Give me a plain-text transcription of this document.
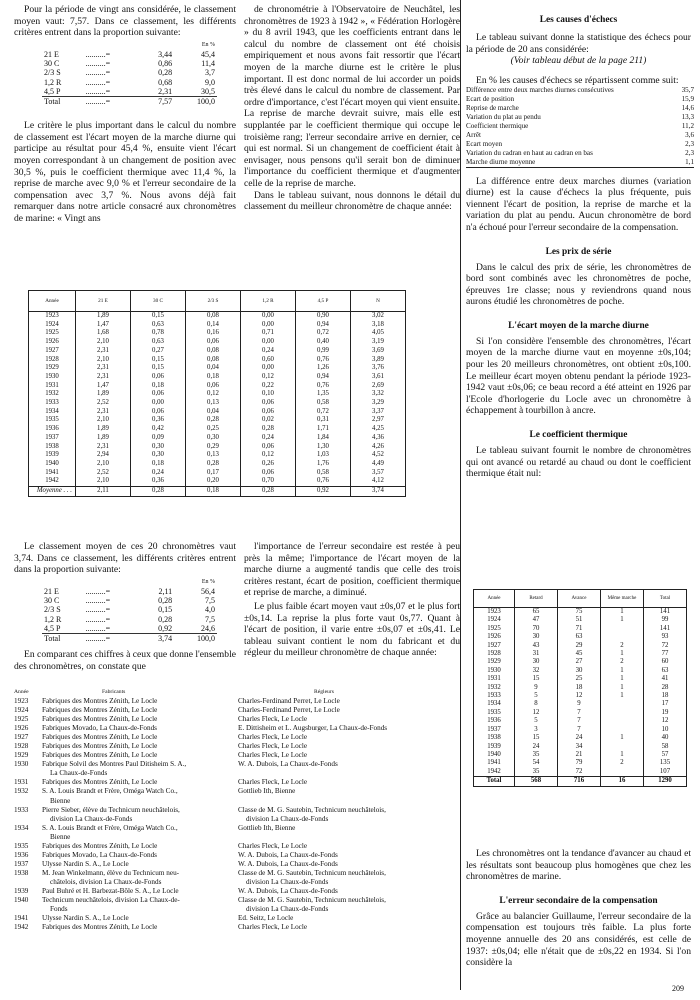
Pour la période de vingt ans considérée, le classement moyen vaut: 7,57. Dans ce classement, les différents critères entrent dans la proportion suivante:

			En %
21 E	..........=	3,44	45,4
30 C	..........=	0,86	11,4
2/3 S	..........=	0,28	3,7
1,2 R	..........=	0,68	9,0
4,5 P	..........=	2,31	30,5
Total	..........=	7,57	100,0

Le critère le plus important dans le calcul du nombre de classement est l'écart moyen de la marche diurne qui participe au résultat pour 45,4 %, ensuite vient l'écart moyen correspondant à un changement de position avec 30,5 %, puis le coefficient thermique avec 11,4 %, la reprise de marche avec 9,0 % et l'erreur secondaire de la compensation avec 3,7 %. Nous avons déjà fait remarquer dans notre article consacré aux chronomètres de marine: « Vingt ans

de chronométrie à l'Observatoire de Neuchâtel, les chronomètres de 1923 à 1942 », « Fédération Horlogère » du 8 avril 1943, que les coefficients entrant dans le calcul du nombre de classement ont été choisis empiriquement et nous avons fait ressortir que l'écart moyen de la marche diurne est le critère le plus important. Il est donc normal de lui accorder un poids très élevé dans le calcul du nombre de classement. Par ordre d'importance, c'est l'écart moyen qui vient ensuite. La reprise de marche devrait suivre, mais elle est supplantée par le coefficient thermique qui occupe le troisième rang; l'erreur secondaire arrive en dernier, ce qui est normal. Si un changement de coefficient était à envisager, nous pensons qu'il serait bon de diminuer l'importance du coefficient thermique et d'augmenter celle de la reprise de marche.

Dans le tableau suivant, nous donnons le détail du classement du meilleur chronomètre de chaque année:

Année	21 E	30 C	2/3 S	1,2 R	4,5 P	N
1923	1,89	0,15	0,08	0,00	0,90	3,02
1924	1,47	0,63	0,14	0,00	0,94	3,18
1925	1,68	0,78	0,16	0,71	0,72	4,05
1926	2,10	0,63	0,06	0,00	0,40	3,19
1927	2,31	0,27	0,08	0,24	0,99	3,69
1928	2,10	0,15	0,08	0,60	0,76	3,89
1929	2,31	0,15	0,04	0,00	1,26	3,76
1930	2,31	0,06	0,18	0,12	0,94	3,61
1931	1,47	0,18	0,06	0,22	0,76	2,69
1932	1,89	0,06	0,12	0,10	1,35	3,32
1933	2,52	0,00	0,13	0,06	0,58	3,29
1934	2,31	0,06	0,04	0,06	0,72	3,37
1935	2,10	0,36	0,28	0,02	0,31	2,97
1936	1,89	0,42	0,25	0,28	1,71	4,25
1937	1,89	0,09	0,30	0,24	1,84	4,36
1938	2,31	0,30	0,29	0,06	1,30	4,26
1939	2,94	0,30	0,13	0,12	1,03	4,52
1940	2,10	0,18	0,28	0,26	1,76	4,49
1941	2,52	0,24	0,17	0,06	0,58	3,57
1942	2,10	0,36	0,20	0,70	0,76	4,12
Moyenne . . .	2,11	0,28	0,18	0,28	0,92	3,74

Le classement moyen de ces 20 chronomètres vaut 3,74. Dans ce classement, les différents critères entrent dans la proportion suivante:

			En %
21 E	..........=	2,11	56,4
30 C	..........=	0,28	7,5
2/3 S	..........=	0,15	4,0
1,2 R	..........=	0,28	7,5
4,5 P	..........=	0,92	24,6
Total	..........=	3,74	100,0

En comparant ces chiffres à ceux que donne l'ensemble des chronomètres, on constate que

l'importance de l'erreur secondaire est restée à peu près la même; l'importance de l'écart moyen de la marche diurne a augmenté tandis que celle des trois critères restant, écart de position, coefficient thermique et reprise de marche, a diminué.

Le plus faible écart moyen vaut ±0s,07 et le plus fort ±0s,14. La reprise la plus forte vaut 0s,77. Quant à l'écart de position, il varie entre ±0s,07 et ±0s,41. Le tableau suivant contient le nom du fabricant et du régleur du meilleur chronomètre de chaque année:

Année	Fabricants	Régleurs
1923	Fabriques des Montres Zénith, Le Locle	Charles-Ferdinand Perret, Le Locle
1924	Fabriques des Montres Zénith, Le Locle	Charles-Ferdinand Perret, Le Locle
1925	Fabriques des Montres Zénith, Le Locle	Charles Fleck, Le Locle
1926	Fabriques Movado, La Chaux-de-Fonds	E. Dittisheim et L. Augsburger, La Chaux-de-Fonds
1927	Fabriques des Montres Zénith, Le Locle	Charles Fleck, Le Locle
1928	Fabriques des Montres Zénith, Le Locle	Charles Fleck, Le Locle
1929	Fabriques des Montres Zénith, Le Locle	Charles Fleck, Le Locle
1930	Fabrique Solvil des Montres Paul Ditisheim S. A.,	W. A. Dubois, La Chaux-de-Fonds
La Chaux-de-Fonds
1931	Fabriques des Montres Zénith, Le Locle	Charles Fleck, Le Locle
1932	S. A. Louis Brandt et Frère, Oméga Watch Co.,	Gottlieb Ith, Bienne
Bienne
1933	Pierre Sieber, élève du Technicum neuchâtelois,	Classe de M. G. Sautebin, Technicum neuchâtelois,
division La Chaux-de-Fonds	division La Chaux-de-Fonds
1934	S. A. Louis Brandt et Frère, Oméga Watch Co.,	Gottlieb Ith, Bienne
Bienne
1935	Fabriques des Montres Zénith, Le Locle	Charles Fleck, Le Locle
1936	Fabriques Movado, La Chaux-de-Fonds	W. A. Dubois, La Chaux-de-Fonds
1937	Ulysse Nardin S. A., Le Locle	W. A. Dubois, La Chaux-de-Fonds
1938	M. Jean Winkelmann, élève du Technicum neu-	Classe de M. G. Sautebin, Technicum neuchâtelois,
châtelois, division La Chaux-de-Fonds	division La Chaux-de-Fonds
1939	Paul Buhré et H. Barbezat-Bôle S. A., Le Locle	W. A. Dubois, La Chaux-de-Fonds
1940	Technicum neuchâtelois, division La Chaux-de-	Classe de M. G. Sautebin, Technicum neuchâtelois,
Fonds	division La Chaux-de-Fonds
1941	Ulysse Nardin S. A., Le Locle	Ed. Seitz, Le Locle
1942	Fabriques des Montres Zénith, Le Locle	Charles Fleck, Le Locle
Les causes d'échecs

Le tableau suivant donne la statistique des échecs pour la période de 20 ans considérée:

(Voir tableau début de la page 211)

En % les causes d'échecs se répartissent comme suit:

Différence entre deux marches diurnes consécutives	35,7
Ecart de position	15,9
Reprise de marche	14,6
Variation du plat au pendu	13,3
Coefficient thermique	11,2
Arrêt	3,6
Ecart moyen	2,3
Variation du cadran en haut au cadran en bas	2,3
Marche diurne moyenne	1,1

La différence entre deux marches diurnes (variation diurne) est la cause d'échecs la plus fréquente, puis viennent l'écart de position, la reprise de marche et la variation du plat au pendu. Aucun chronomètre de bord n'a échoué pour l'erreur secondaire de la compensation.

Les prix de série

Dans le calcul des prix de série, les chronomètres de bord sont combinés avec les chronomètres de poche, épreuves 1re classe; nous y reviendrons quand nous aurons étudié les chronomètres de poche.

L'écart moyen de la marche diurne

Si l'on considère l'ensemble des chronomètres, l'écart moyen de la marche diurne vaut en moyenne ±0s,104; pour les 20 meilleurs chronomètres, ont obtient ±0s,100. Le meilleur écart moyen obtenu pendant la période 1923-1942 vaut ±0s,06; ce beau record a été atteint en 1926 par l'Ecole d'horlogerie du Locle avec un chronomètre à échappement à tourbillon à ancre.

Le coefficient thermique

Le tableau suivant fournit le nombre de chronomètres qui ont avancé ou retardé au chaud ou dont le coefficient thermique était nul:

Année	Retard	Avance	Même marche	Total
1923	65	75	1	141
1924	47	51	1	99
1925	70	71		141
1926	30	63		93
1927	43	29	2	72
1928	31	45	1	77
1929	30	27	2	60
1930	32	30	1	63
1931	15	25	1	41
1932	9	18	1	28
1933	5	12	1	18
1934	8	9		17
1935	12	7		19
1936	5	7		12
1937	3	7		10
1938	15	24	1	40
1939	24	34		58
1940	35	21	1	57
1941	54	79	2	135
1942	35	72		107
Total	568	716	16	1290

Les chronomètres ont la tendance d'avancer au chaud et les résultats sont beaucoup plus homogènes que chez les chronomètres de marine.

L'erreur secondaire de la compensation

Grâce au balancier Guillaume, l'erreur secondaire de la compensation est toujours très faible. La plus forte moyenne annuelle des 20 ans considérés, est celle de 1937: ±0s,04; elle n'était que de ±0s,22 en 1934. Si l'on considère la

209
